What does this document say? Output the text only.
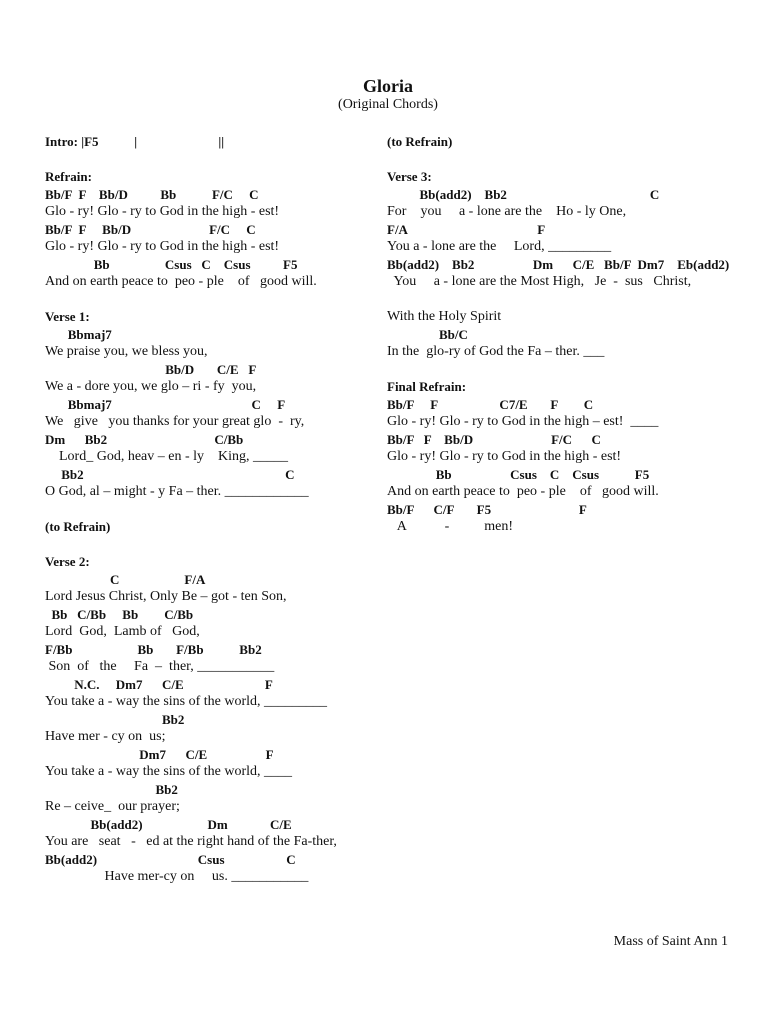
Gloria
(Original Chords)
Intro: |F5           |                         ||
Refrain:
Bb/F  F    Bb/D          Bb           F/C     C
Glo - ry! Glo - ry to God in the high - est!
Bb/F  F     Bb/D                        F/C     C
Glo - ry! Glo - ry to God in the high - est!
Bb                 Csus   C    Csus          F5
And on earth peace to  peo - ple    of   good will.
Verse 1:
Bbmaj7
We praise you, we bless you,
Bb/D       C/E   F
We a - dore you, we glo – ri - fy  you,
Bbmaj7                                           C     F
We   give   you thanks for your great glo  -  ry,
Dm      Bb2                                 C/Bb
Lord_ God, heav – en - ly    King, _____
Bb2                                                              C
O God, al – might - y Fa – ther. ____________
(to Refrain)
Verse 2:
C                    F/A
Lord Jesus Christ, Only Be – got - ten Son,
Bb   C/Bb     Bb        C/Bb
Lord  God,  Lamb of   God,
F/Bb                    Bb       F/Bb           Bb2
Son  of   the     Fa  –  ther, ___________
N.C.     Dm7      C/E                         F
You take a - way the sins of the world, _________
Bb2
Have mer - cy on  us;
Dm7      C/E                  F
You take a - way the sins of the world, ____
Bb2
Re – ceive_  our prayer;
Bb(add2)                    Dm             C/E
You are   seat   -   ed at the right hand of the Fa-ther,
Bb(add2)                               Csus                   C
Have mer-cy on     us. ___________
(to Refrain)
Verse 3:
Bb(add2)    Bb2                                            C
For    you     a - lone are the    Ho - ly One,
F/A                                        F
You a - lone are the     Lord, _________
Bb(add2)    Bb2                  Dm      C/E   Bb/F  Dm7    Eb(add2)
You     a - lone are the Most High,   Je  -  sus   Christ,
With the Holy Spirit
Bb/C
In the  glo-ry of God the Fa – ther. ___
Final Refrain:
Bb/F     F                   C7/E       F        C
Glo - ry! Glo - ry to God in the high – est!  ____
Bb/F   F    Bb/D                        F/C      C
Glo - ry! Glo - ry to God in the high - est!
Bb                  Csus    C    Csus           F5
And on earth peace to  peo - ple    of   good will.
Bb/F      C/F       F5                           F
A           -          men!
Mass of Saint Ann 1
